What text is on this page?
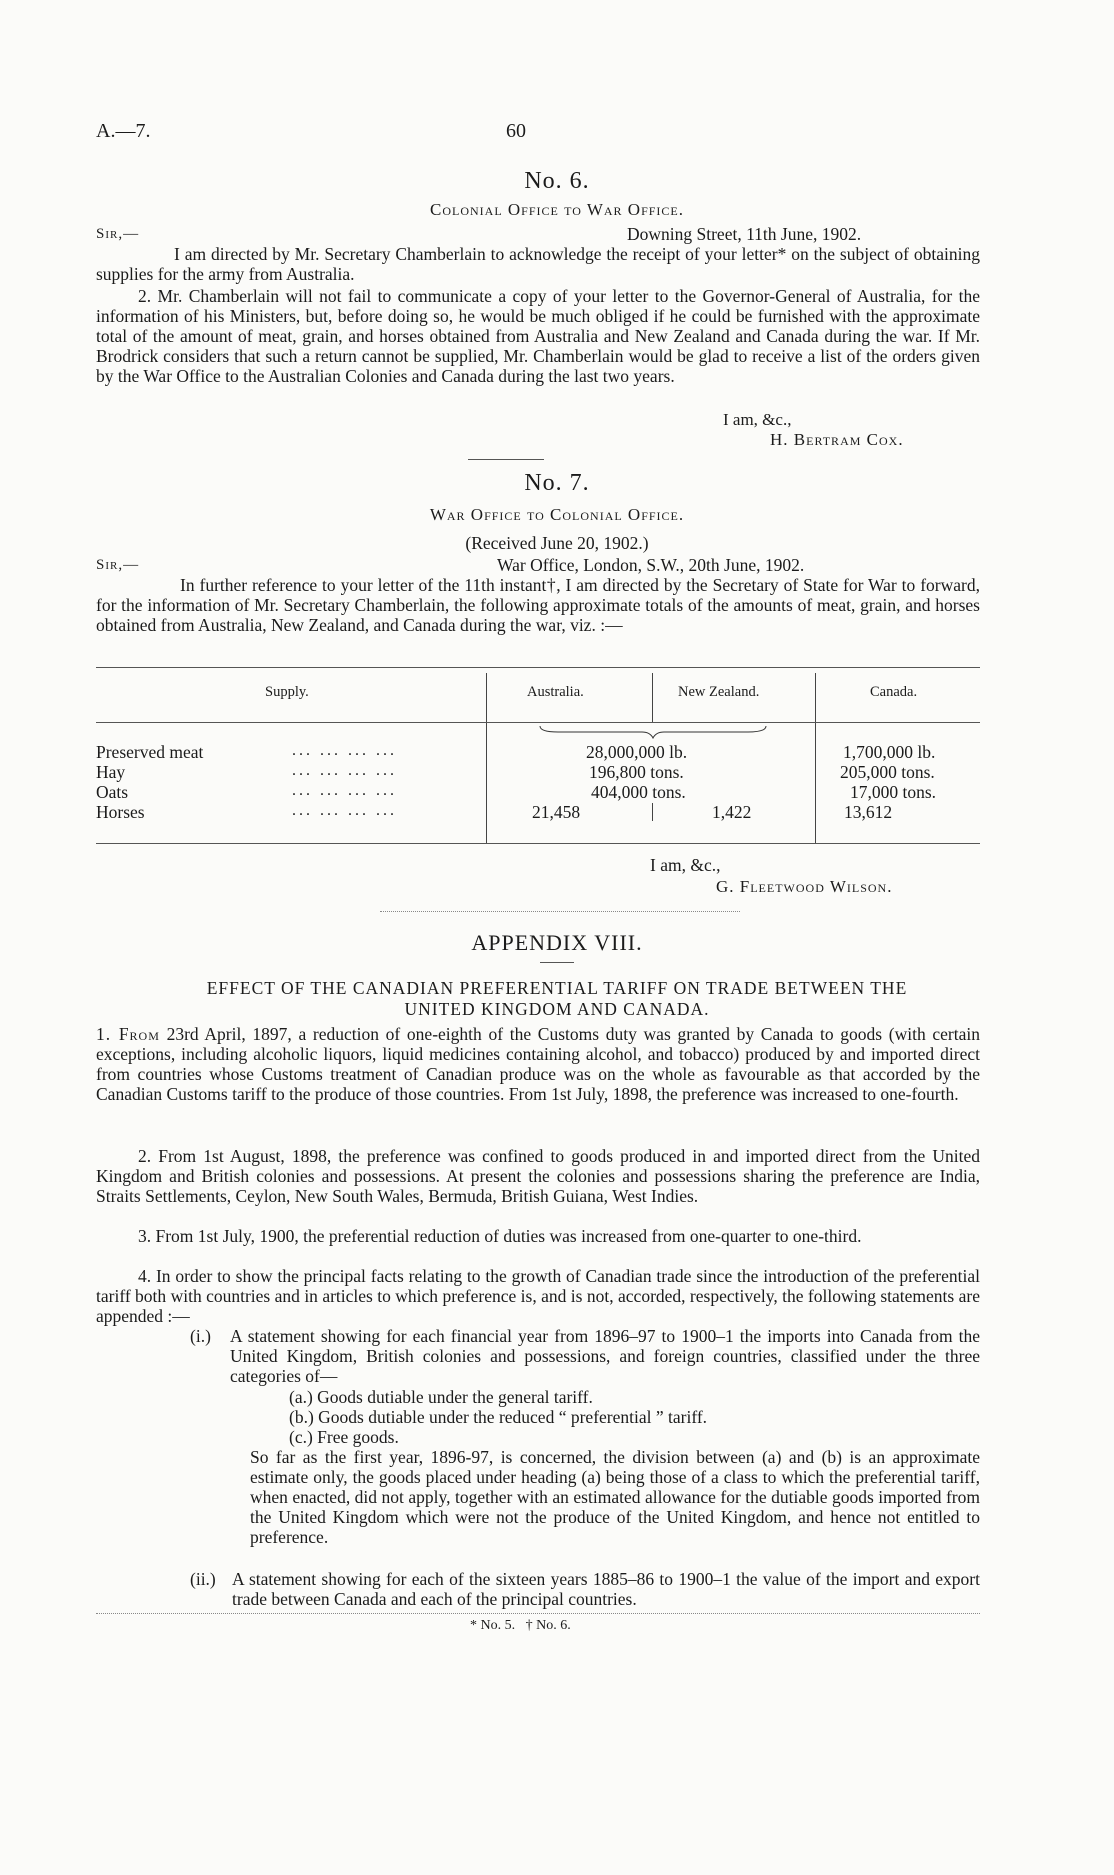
A.—7.	60
No. 6.
Colonial Office to War Office.
Sir,—	Downing Street, 11th June, 1902.
I am directed by Mr. Secretary Chamberlain to acknowledge the receipt of your letter* on the subject of obtaining supplies for the army from Australia.
2. Mr. Chamberlain will not fail to communicate a copy of your letter to the Governor-General of Australia, for the information of his Ministers, but, before doing so, he would be much obliged if he could be furnished with the approximate total of the amount of meat, grain, and horses obtained from Australia and New Zealand and Canada during the war. If Mr. Brodrick considers that such a return cannot be supplied, Mr. Chamberlain would be glad to receive a list of the orders given by the War Office to the Australian Colonies and Canada during the last two years.
I am, &c.,
H. Bertram Cox.
No. 7.
War Office to Colonial Office.
(Received June 20, 1902.)
Sir,—	War Office, London, S.W., 20th June, 1902.
In further reference to your letter of the 11th instant†, I am directed by the Secretary of State for War to forward, for the information of Mr. Secretary Chamberlain, the following approximate totals of the amounts of meat, grain, and horses obtained from Australia, New Zealand, and Canada during the war, viz. :—
Supply.	Australia.	New Zealand.	Canada.
Preserved meat	... ... ... ...	28,000,000 lb.	1,700,000 lb.
Hay	... ... ... ...	196,800 tons.	205,000 tons.
Oats	... ... ... ...	404,000 tons.	17,000 tons.
Horses	... ... ... ...	21,458	1,422	13,612
I am, &c.,
G. Fleetwood Wilson.
APPENDIX VIII.
EFFECT OF THE CANADIAN PREFERENTIAL TARIFF ON TRADE BETWEEN THE
UNITED KINGDOM AND CANADA.
1. From 23rd April, 1897, a reduction of one-eighth of the Customs duty was granted by Canada to goods (with certain exceptions, including alcoholic liquors, liquid medicines containing alcohol, and tobacco) produced by and imported direct from countries whose Customs treatment of Canadian produce was on the whole as favourable as that accorded by the Canadian Customs tariff to the produce of those countries. From 1st July, 1898, the preference was increased to one-fourth.
2. From 1st August, 1898, the preference was confined to goods produced in and imported direct from the United Kingdom and British colonies and possessions. At present the colonies and possessions sharing the preference are India, Straits Settlements, Ceylon, New South Wales, Bermuda, British Guiana, West Indies.
3. From 1st July, 1900, the preferential reduction of duties was increased from one-quarter to one-third.
4. In order to show the principal facts relating to the growth of Canadian trade since the introduction of the preferential tariff both with countries and in articles to which preference is, and is not, accorded, respectively, the following statements are appended :—
(i.) A statement showing for each financial year from 1896–97 to 1900–1 the imports into Canada from the United Kingdom, British colonies and possessions, and foreign countries, classified under the three categories of—
(a.) Goods dutiable under the general tariff.
(b.) Goods dutiable under the reduced “ preferential ” tariff.
(c.) Free goods.
So far as the first year, 1896-97, is concerned, the division between (a) and (b) is an approximate estimate only, the goods placed under heading (a) being those of a class to which the preferential tariff, when enacted, did not apply, together with an estimated allowance for the dutiable goods imported from the United Kingdom which were not the produce of the United Kingdom, and hence not entitled to preference.
(ii.) A statement showing for each of the sixteen years 1885–86 to 1900–1 the value of the import and export trade between Canada and each of the principal countries.
* No. 5.   † No. 6.
